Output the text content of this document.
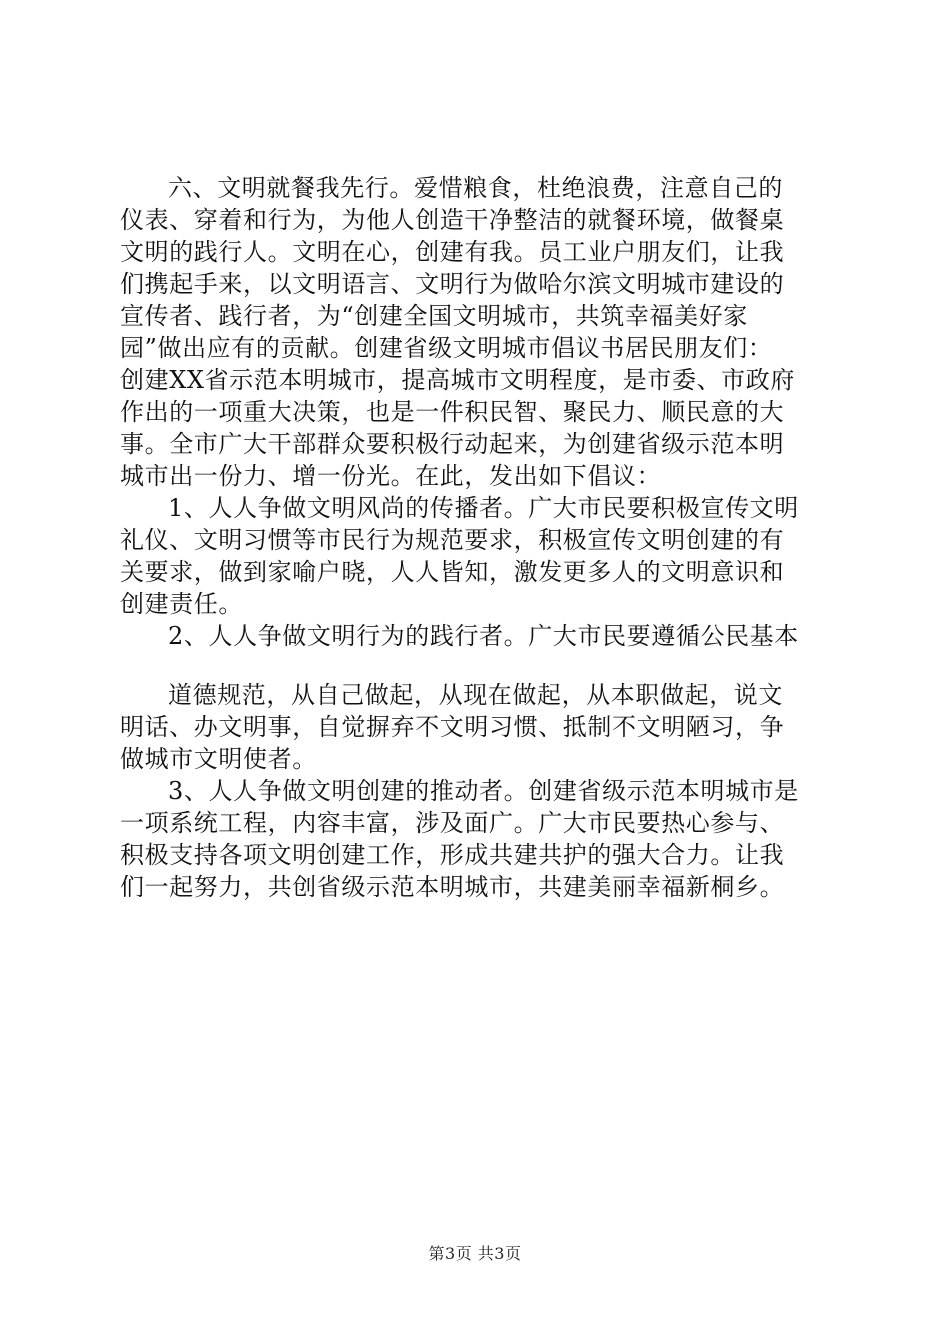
六、文明就餐我先行。爱惜粮食，杜绝浪费，注意自己的
仪表、穿着和行为，为他人创造干净整洁的就餐环境，做餐桌
文明的践行人。文明在心，创建有我。员工业户朋友们，让我
们携起手来，以文明语言、文明行为做哈尔滨文明城市建设的
宣传者、践行者，为“创建全国文明城市，共筑幸福美好家
园”做出应有的贡献。创建省级文明城市倡议书居民朋友们：
创建XX省示范本明城市，提高城市文明程度，是市委、市政府
作出的一项重大决策，也是一件积民智、聚民力、顺民意的大
事。全市广大干部群众要积极行动起来，为创建省级示范本明
城市出一份力、增一份光。在此，发出如下倡议：
1、人人争做文明风尚的传播者。广大市民要积极宣传文明
礼仪、文明习惯等市民行为规范要求，积极宣传文明创建的有
关要求，做到家喻户晓，人人皆知，激发更多人的文明意识和
创建责任。
2、人人争做文明行为的践行者。广大市民要遵循公民基本
道德规范，从自己做起，从现在做起，从本职做起，说文
明话、办文明事，自觉摒弃不文明习惯、抵制不文明陋习，争
做城市文明使者。
3、人人争做文明创建的推动者。创建省级示范本明城市是
一项系统工程，内容丰富，涉及面广。广大市民要热心参与、
积极支持各项文明创建工作，形成共建共护的强大合力。让我
们一起努力，共创省级示范本明城市，共建美丽幸福新桐乡。
第3页 共3页
